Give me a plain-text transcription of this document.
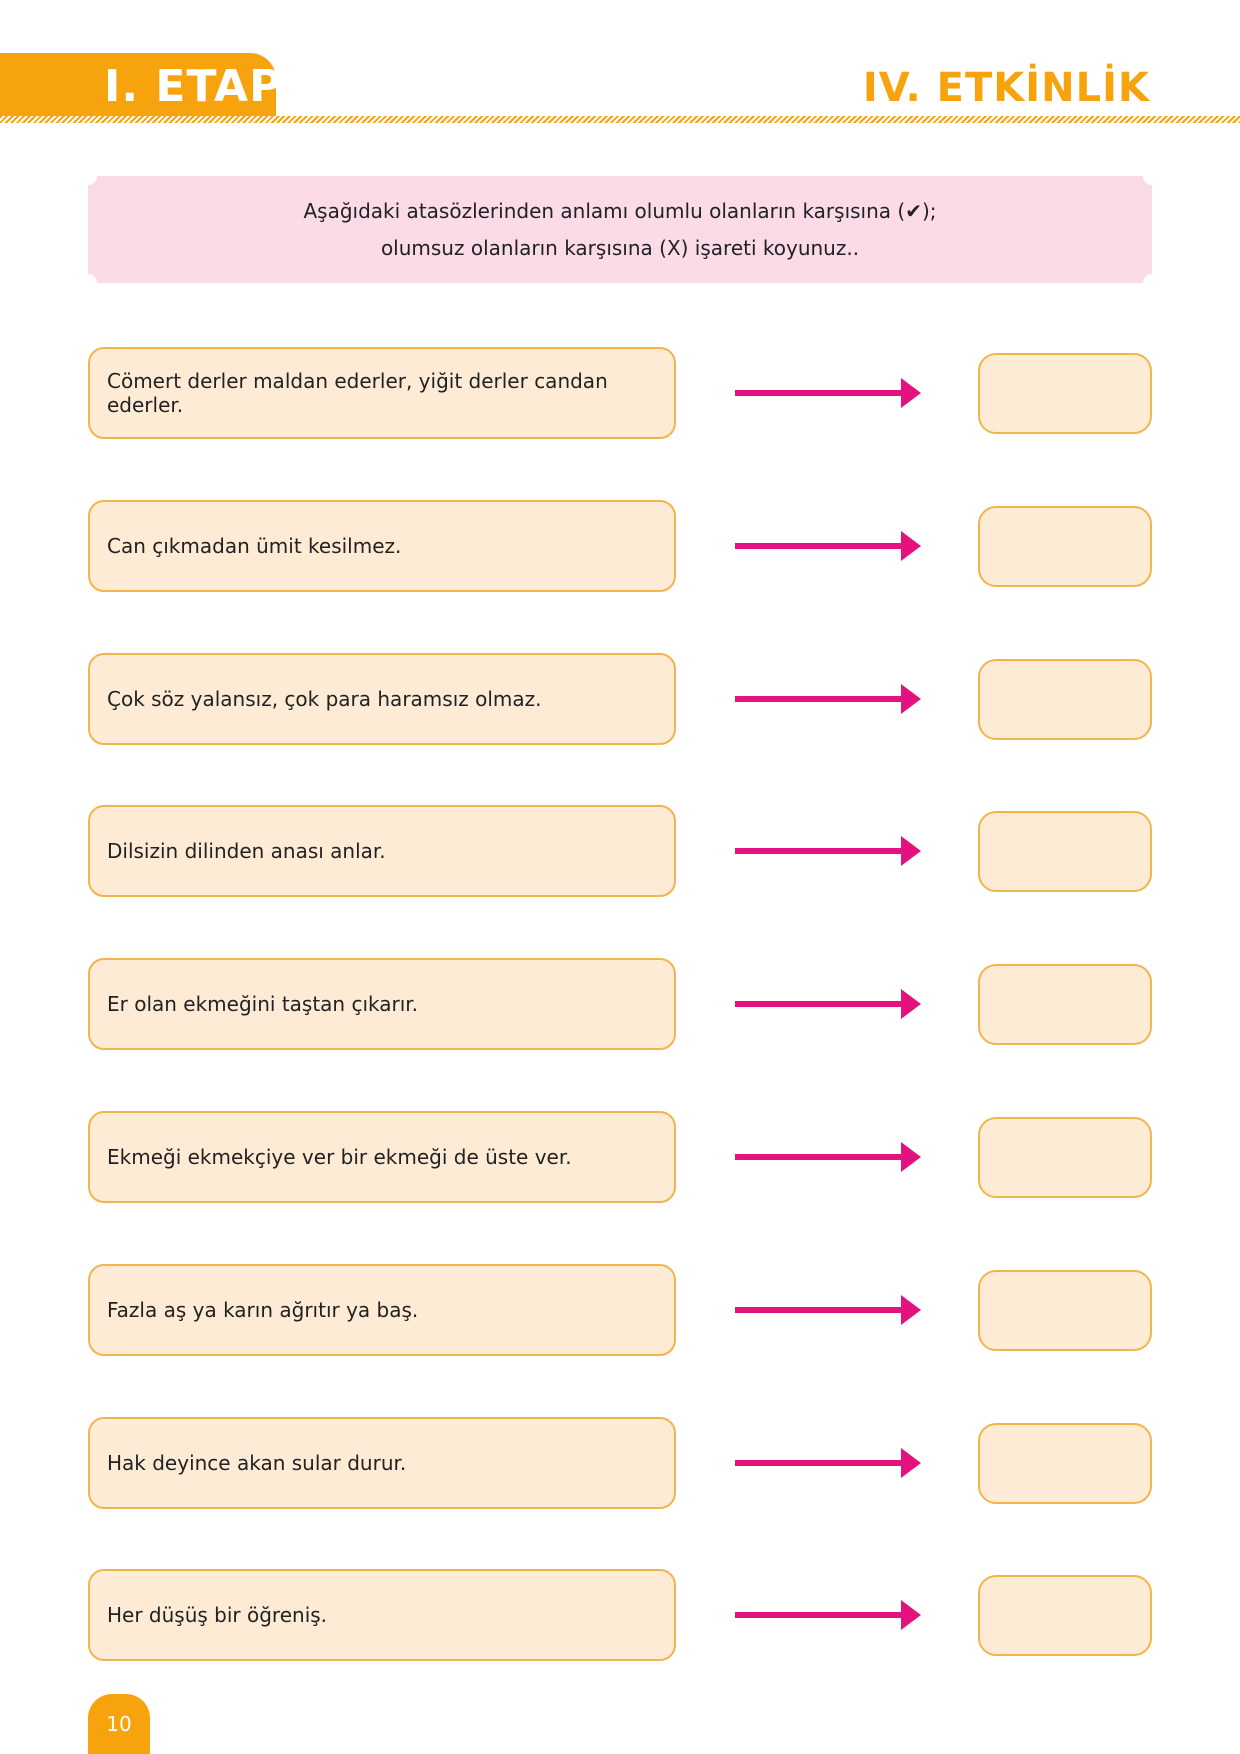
I. ETAP	IV. ETKİNLİK
Aşağıdaki atasözlerinden anlamı olumlu olanların karşısına (✔);
olumsuz olanların karşısına (X) işareti koyunuz..
Cömert derler maldan ederler, yiğit derler candan ederler.
Can çıkmadan ümit kesilmez.
Çok söz yalansız, çok para haramsız olmaz.
Dilsizin dilinden anası anlar.
Er olan ekmeğini taştan çıkarır.
Ekmeği ekmekçiye ver bir ekmeği de üste ver.
Fazla aş ya karın ağrıtır ya baş.
Hak deyince akan sular durur.
Her düşüş bir öğreniş.
10
